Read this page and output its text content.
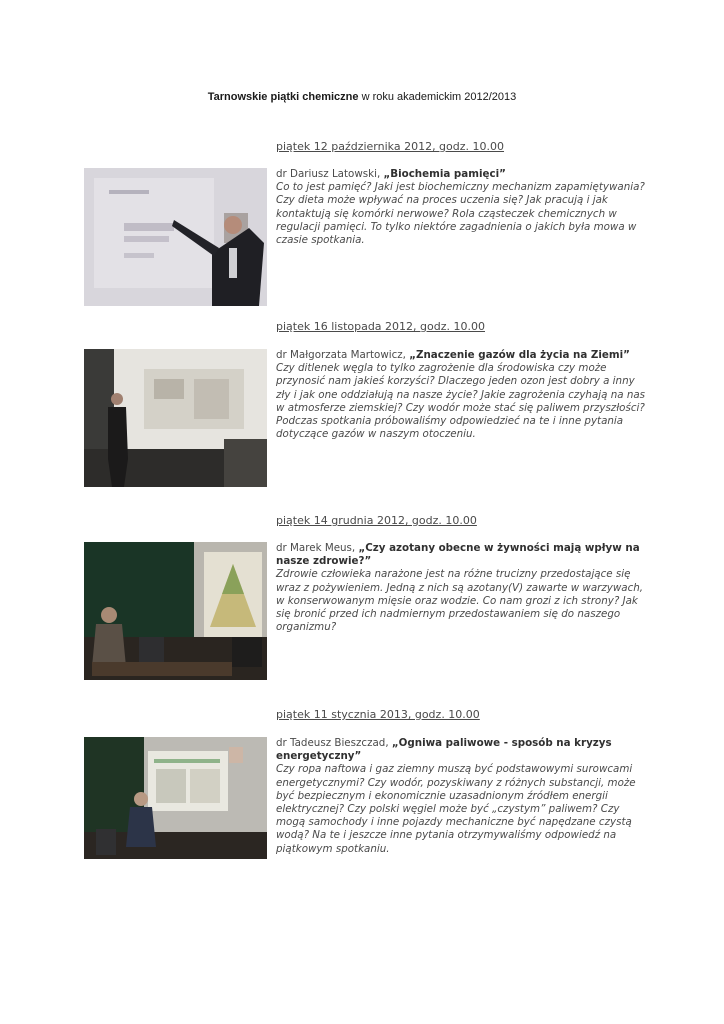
Tarnowskie piątki chemiczne w roku akademickim 2012/2013
piątek 12 października 2012, godz. 10.00
dr Dariusz Latowski, „Biochemia pamięci”
Co to jest pamięć? Jaki jest biochemiczny mechanizm zapamiętywania? Czy dieta może wpływać na proces uczenia się? Jak pracują i jak kontaktują się komórki nerwowe? Rola cząsteczek chemicznych w regulacji pamięci. To tylko niektóre zagadnienia o jakich była mowa w czasie spotkania.
piątek 16 listopada 2012, godz. 10.00
dr Małgorzata Martowicz, „Znaczenie gazów dla życia na Ziemi”
Czy ditlenek węgla to tylko zagrożenie dla środowiska czy może przynosić nam jakieś korzyści? Dlaczego jeden ozon jest dobry a inny zły i jak one oddziałują na nasze życie? Jakie zagrożenia czyhają na nas w atmosferze ziemskiej? Czy wodór może stać się paliwem przyszłości? Podczas spotkania próbowaliśmy odpowiedzieć na te i inne pytania dotyczące gazów w naszym otoczeniu.
piątek 14 grudnia 2012, godz. 10.00
dr Marek Meus, „Czy azotany obecne w żywności mają wpływ na nasze zdrowie?”
Zdrowie człowieka narażone jest na różne trucizny przedostające się wraz z pożywieniem. Jedną z nich są azotany(V) zawarte w warzywach, w konserwowanym mięsie oraz wodzie. Co nam grozi z ich strony? Jak się bronić przed ich nadmiernym przedostawaniem się do naszego organizmu?
piątek 11 stycznia 2013, godz. 10.00
dr Tadeusz Bieszczad, „Ogniwa paliwowe - sposób na kryzys energetyczny”
Czy ropa naftowa i gaz ziemny muszą być podstawowymi surowcami energetycznymi? Czy wodór, pozyskiwany z różnych substancji, może być bezpiecznym i ekonomicznie uzasadnionym źródłem energii elektrycznej? Czy polski węgiel może być „czystym” paliwem? Czy mogą samochody i inne pojazdy mechaniczne być napędzane czystą wodą? Na te i jeszcze inne pytania otrzymywaliśmy odpowiedź na piątkowym spotkaniu.
